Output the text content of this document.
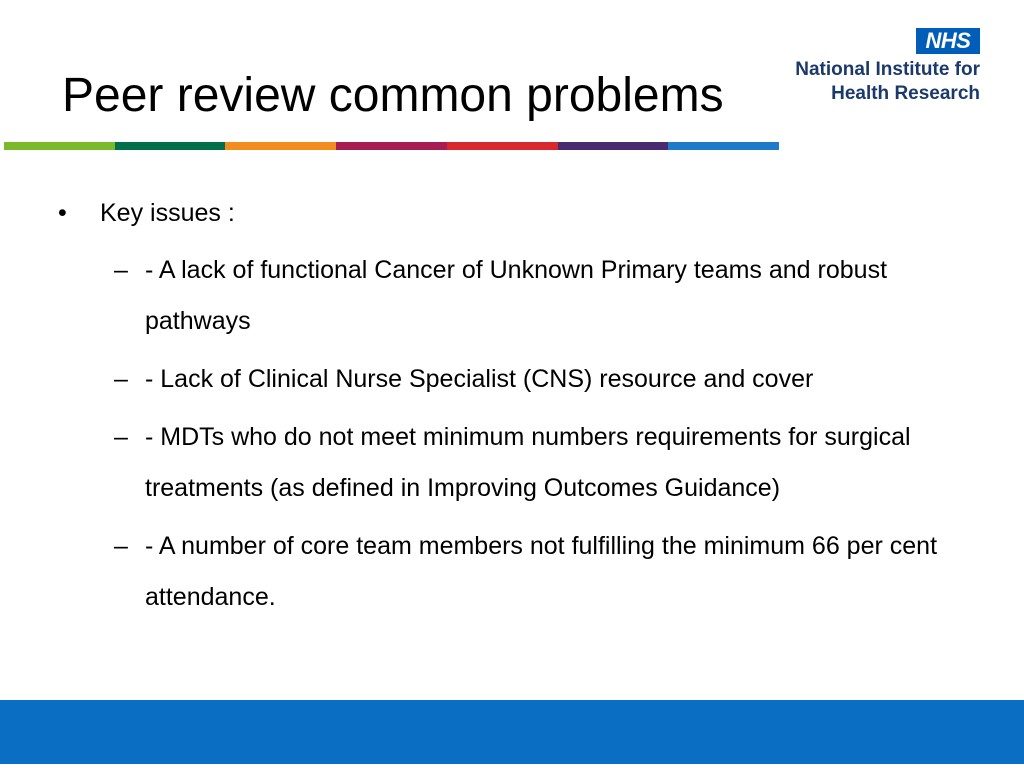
Peer review common problems
NHS
National Institute for
Health Research
•	Key issues :
– - A lack of functional Cancer of Unknown Primary teams and robust pathways
– - Lack of Clinical Nurse Specialist (CNS) resource and cover
– - MDTs who do not meet minimum numbers requirements for surgical treatments (as defined in Improving Outcomes Guidance)
– - A number of core team members not fulfilling the minimum 66 per cent attendance.
